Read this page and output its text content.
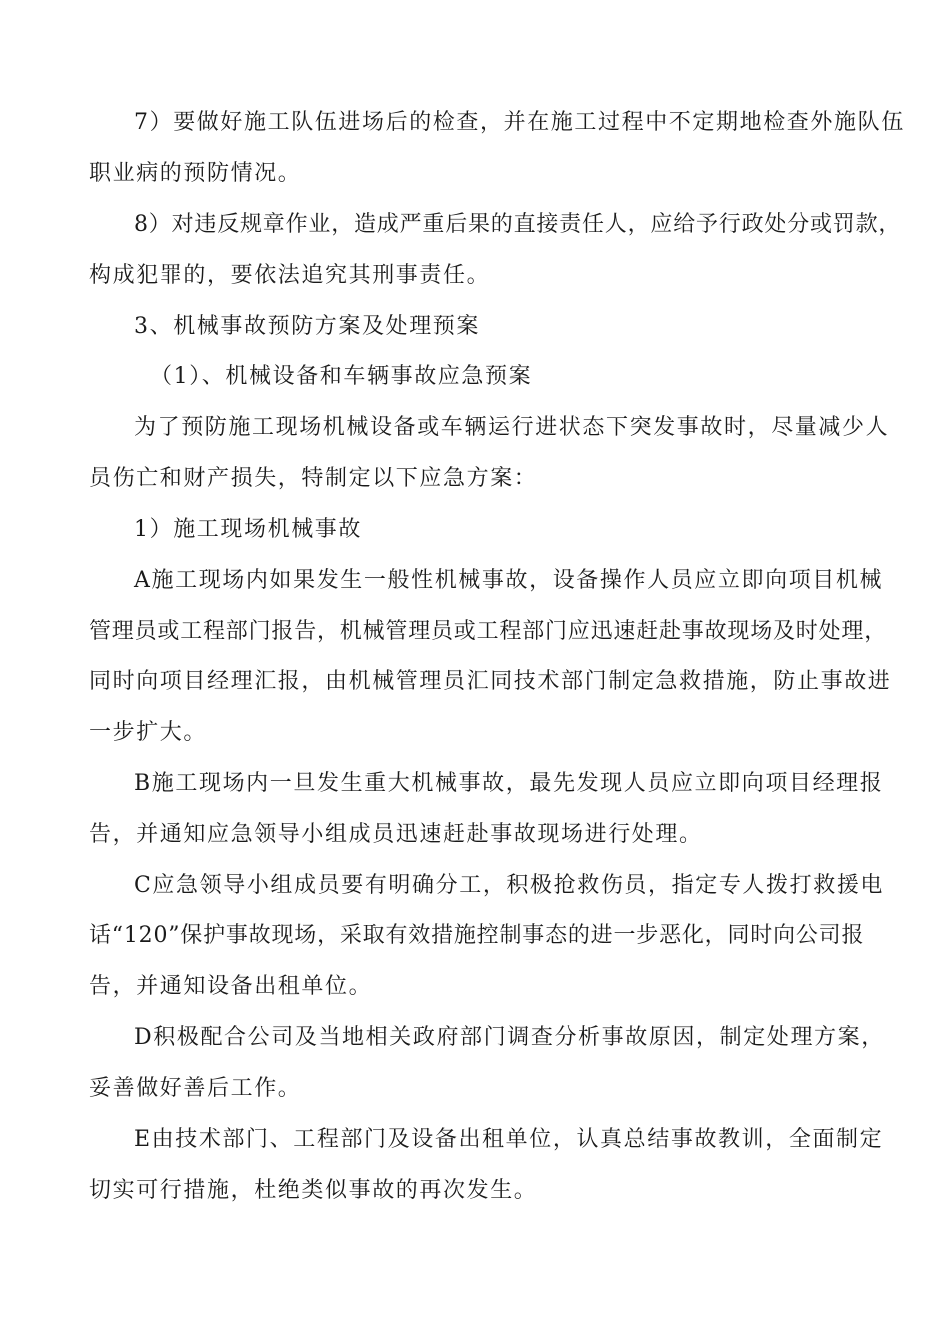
7）要做好施工队伍进场后的检查，并在施工过程中不定期地检查外施队伍
职业病的预防情况。
8）对违反规章作业，造成严重后果的直接责任人，应给予行政处分或罚款，
构成犯罪的，要依法追究其刑事责任。
3、机械事故预防方案及处理预案
（1）、机械设备和车辆事故应急预案
为了预防施工现场机械设备或车辆运行进状态下突发事故时，尽量减少人
员伤亡和财产损失，特制定以下应急方案：
1）施工现场机械事故
A施工现场内如果发生一般性机械事故，设备操作人员应立即向项目机械
管理员或工程部门报告，机械管理员或工程部门应迅速赶赴事故现场及时处理，
同时向项目经理汇报，由机械管理员汇同技术部门制定急救措施，防止事故进
一步扩大。
B施工现场内一旦发生重大机械事故，最先发现人员应立即向项目经理报
告，并通知应急领导小组成员迅速赶赴事故现场进行处理。
C应急领导小组成员要有明确分工，积极抢救伤员，指定专人拨打救援电
话“120”保护事故现场，采取有效措施控制事态的进一步恶化，同时向公司报
告，并通知设备出租单位。
D积极配合公司及当地相关政府部门调查分析事故原因，制定处理方案，
妥善做好善后工作。
E由技术部门、工程部门及设备出租单位，认真总结事故教训，全面制定
切实可行措施，杜绝类似事故的再次发生。
